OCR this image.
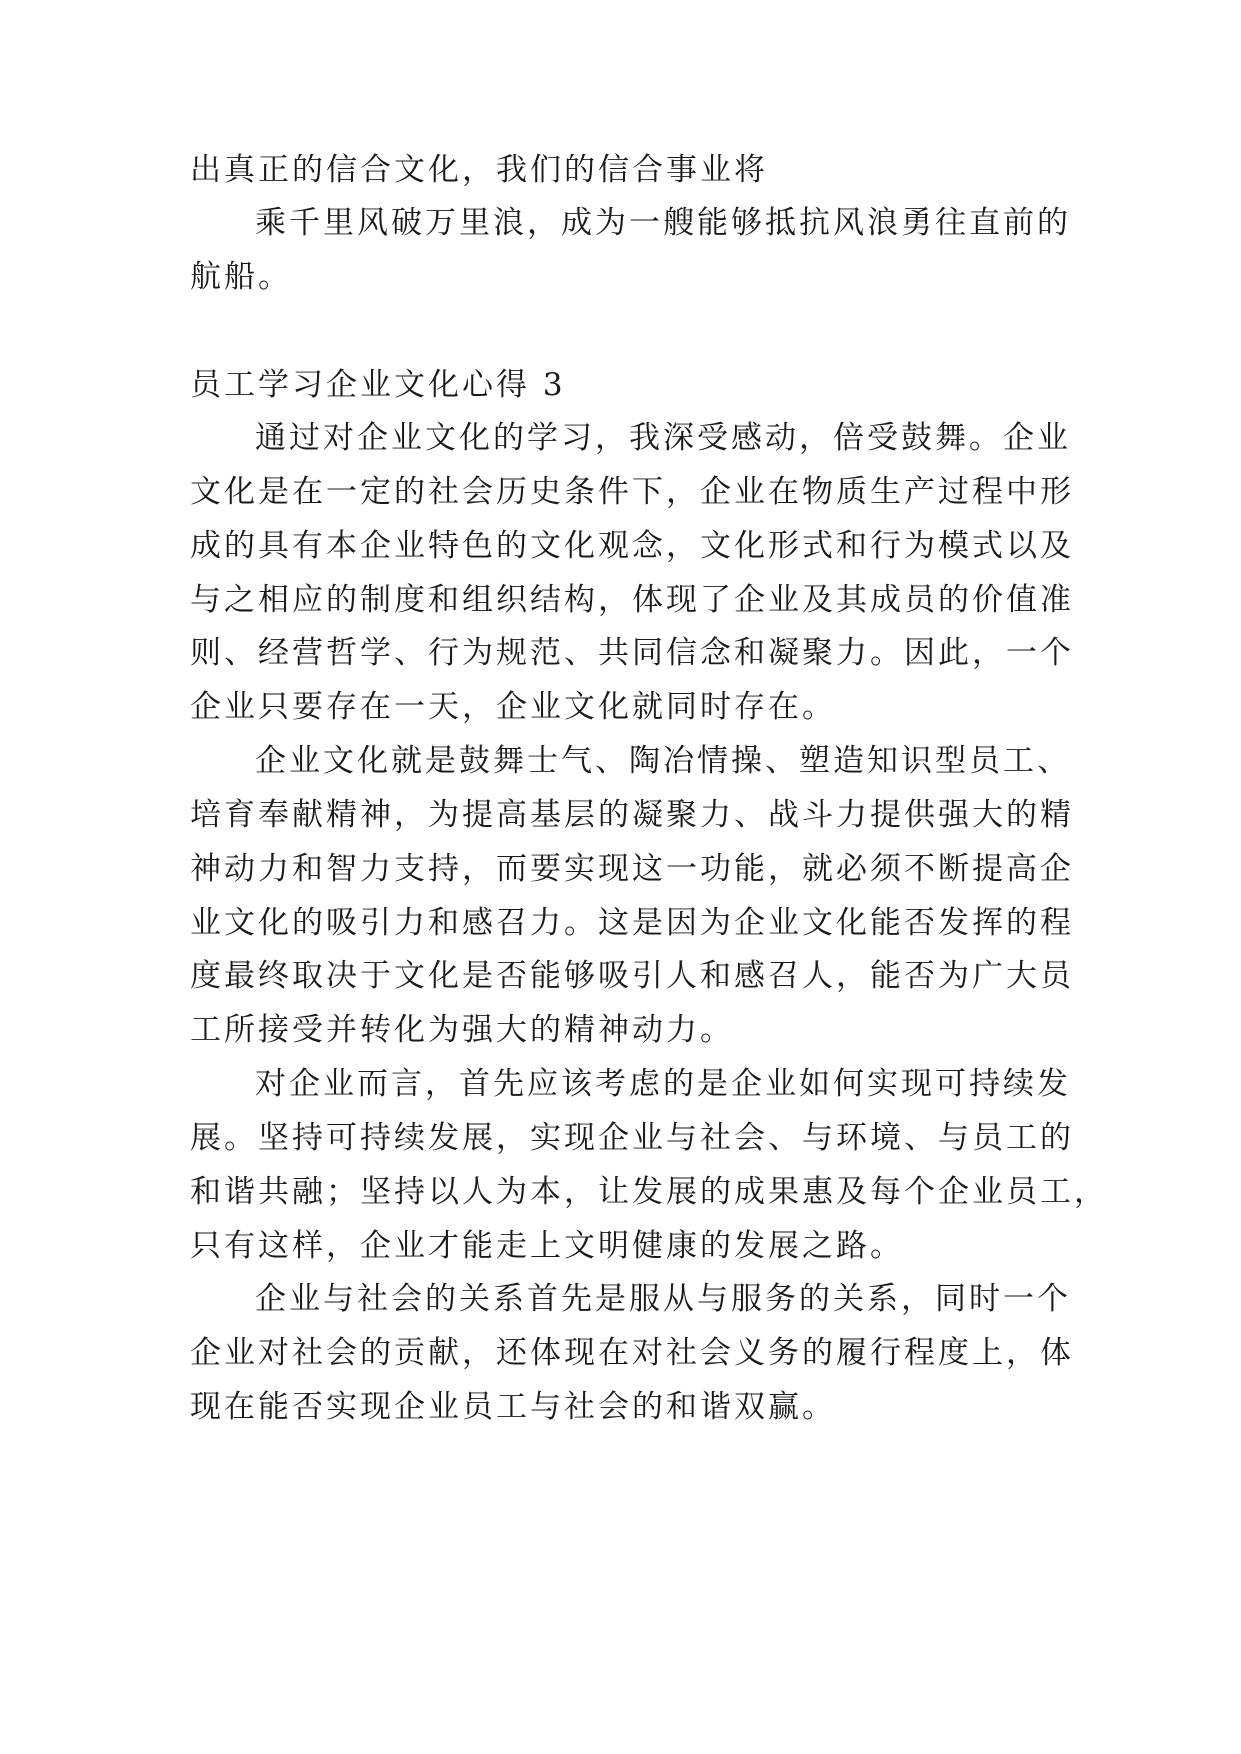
出真正的信合文化，我们的信合事业将
乘千里风破万里浪，成为一艘能够抵抗风浪勇往直前的
航船。
员工学习企业文化心得 3
通过对企业文化的学习，我深受感动，倍受鼓舞。企业
文化是在一定的社会历史条件下，企业在物质生产过程中形
成的具有本企业特色的文化观念，文化形式和行为模式以及
与之相应的制度和组织结构，体现了企业及其成员的价值准
则、经营哲学、行为规范、共同信念和凝聚力。因此，一个
企业只要存在一天，企业文化就同时存在。
企业文化就是鼓舞士气、陶冶情操、塑造知识型员工、
培育奉献精神，为提高基层的凝聚力、战斗力提供强大的精
神动力和智力支持，而要实现这一功能，就必须不断提高企
业文化的吸引力和感召力。这是因为企业文化能否发挥的程
度最终取决于文化是否能够吸引人和感召人，能否为广大员
工所接受并转化为强大的精神动力。
对企业而言，首先应该考虑的是企业如何实现可持续发
展。坚持可持续发展，实现企业与社会、与环境、与员工的
和谐共融；坚持以人为本，让发展的成果惠及每个企业员工，
只有这样，企业才能走上文明健康的发展之路。
企业与社会的关系首先是服从与服务的关系，同时一个
企业对社会的贡献，还体现在对社会义务的履行程度上，体
现在能否实现企业员工与社会的和谐双赢。
